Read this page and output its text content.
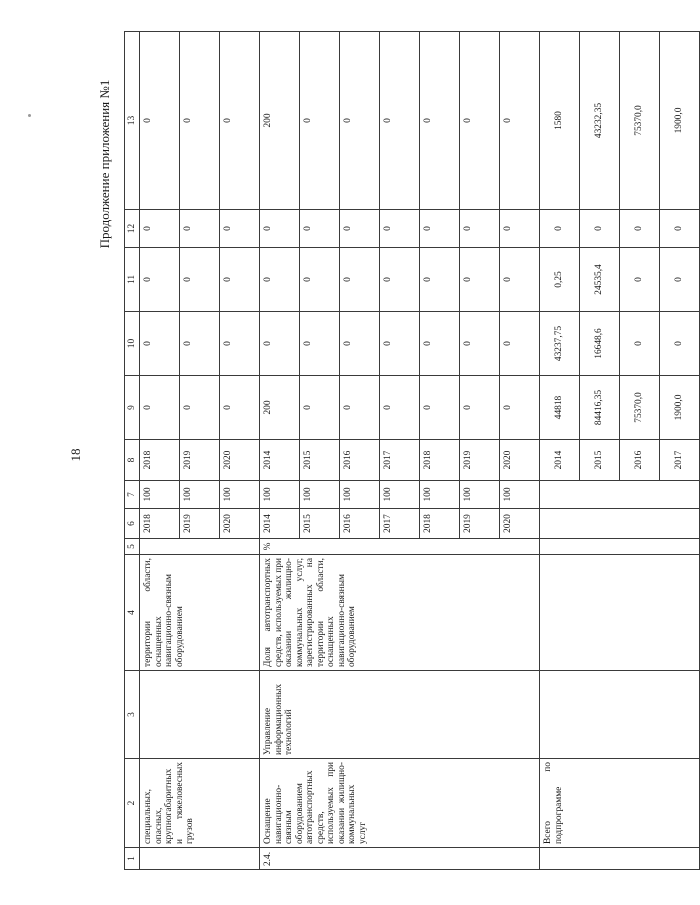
18
Продолжение приложения №1
1	2	3	4	5	6	7	8	9	10	11	12	13
	специальных, опасных, крупногабаритных и тяжеловесных грузов		территории области, оснащенных навигационно-связным оборудованием		2018	100	2018	0	0	0	0	0
					2019	100	2019	0	0	0	0	0
					2020	100	2020	0	0	0	0	0
2.4.	Оснащение навигационно-связным оборудованием автотранспортных средств, используемых при оказании жилищно-коммунальных услуг	Управление информационных технологий	Доля автотранспортных средств, используемых при оказании жилищно-коммунальных услуг, зарегистрированных на территории области, оснащенных навигационно-связным оборудованием	%	2014	100	2014	200	0	0	0	200
					2015	100	2015	0	0	0	0	0
					2016	100	2016	0	0	0	0	0
					2017	100	2017	0	0	0	0	0
					2018	100	2018	0	0	0	0	0
					2019	100	2019	0	0	0	0	0
					2020	100	2020	0	0	0	0	0
	Всего по подпрограмме						2014	44818	43237,75	0,25	0	1580
							2015	84416,35	16648,6	24535,4	0	43232,35
							2016	75370,0	0	0	0	75370,0
							2017	1900,0	0	0	0	1900,0
